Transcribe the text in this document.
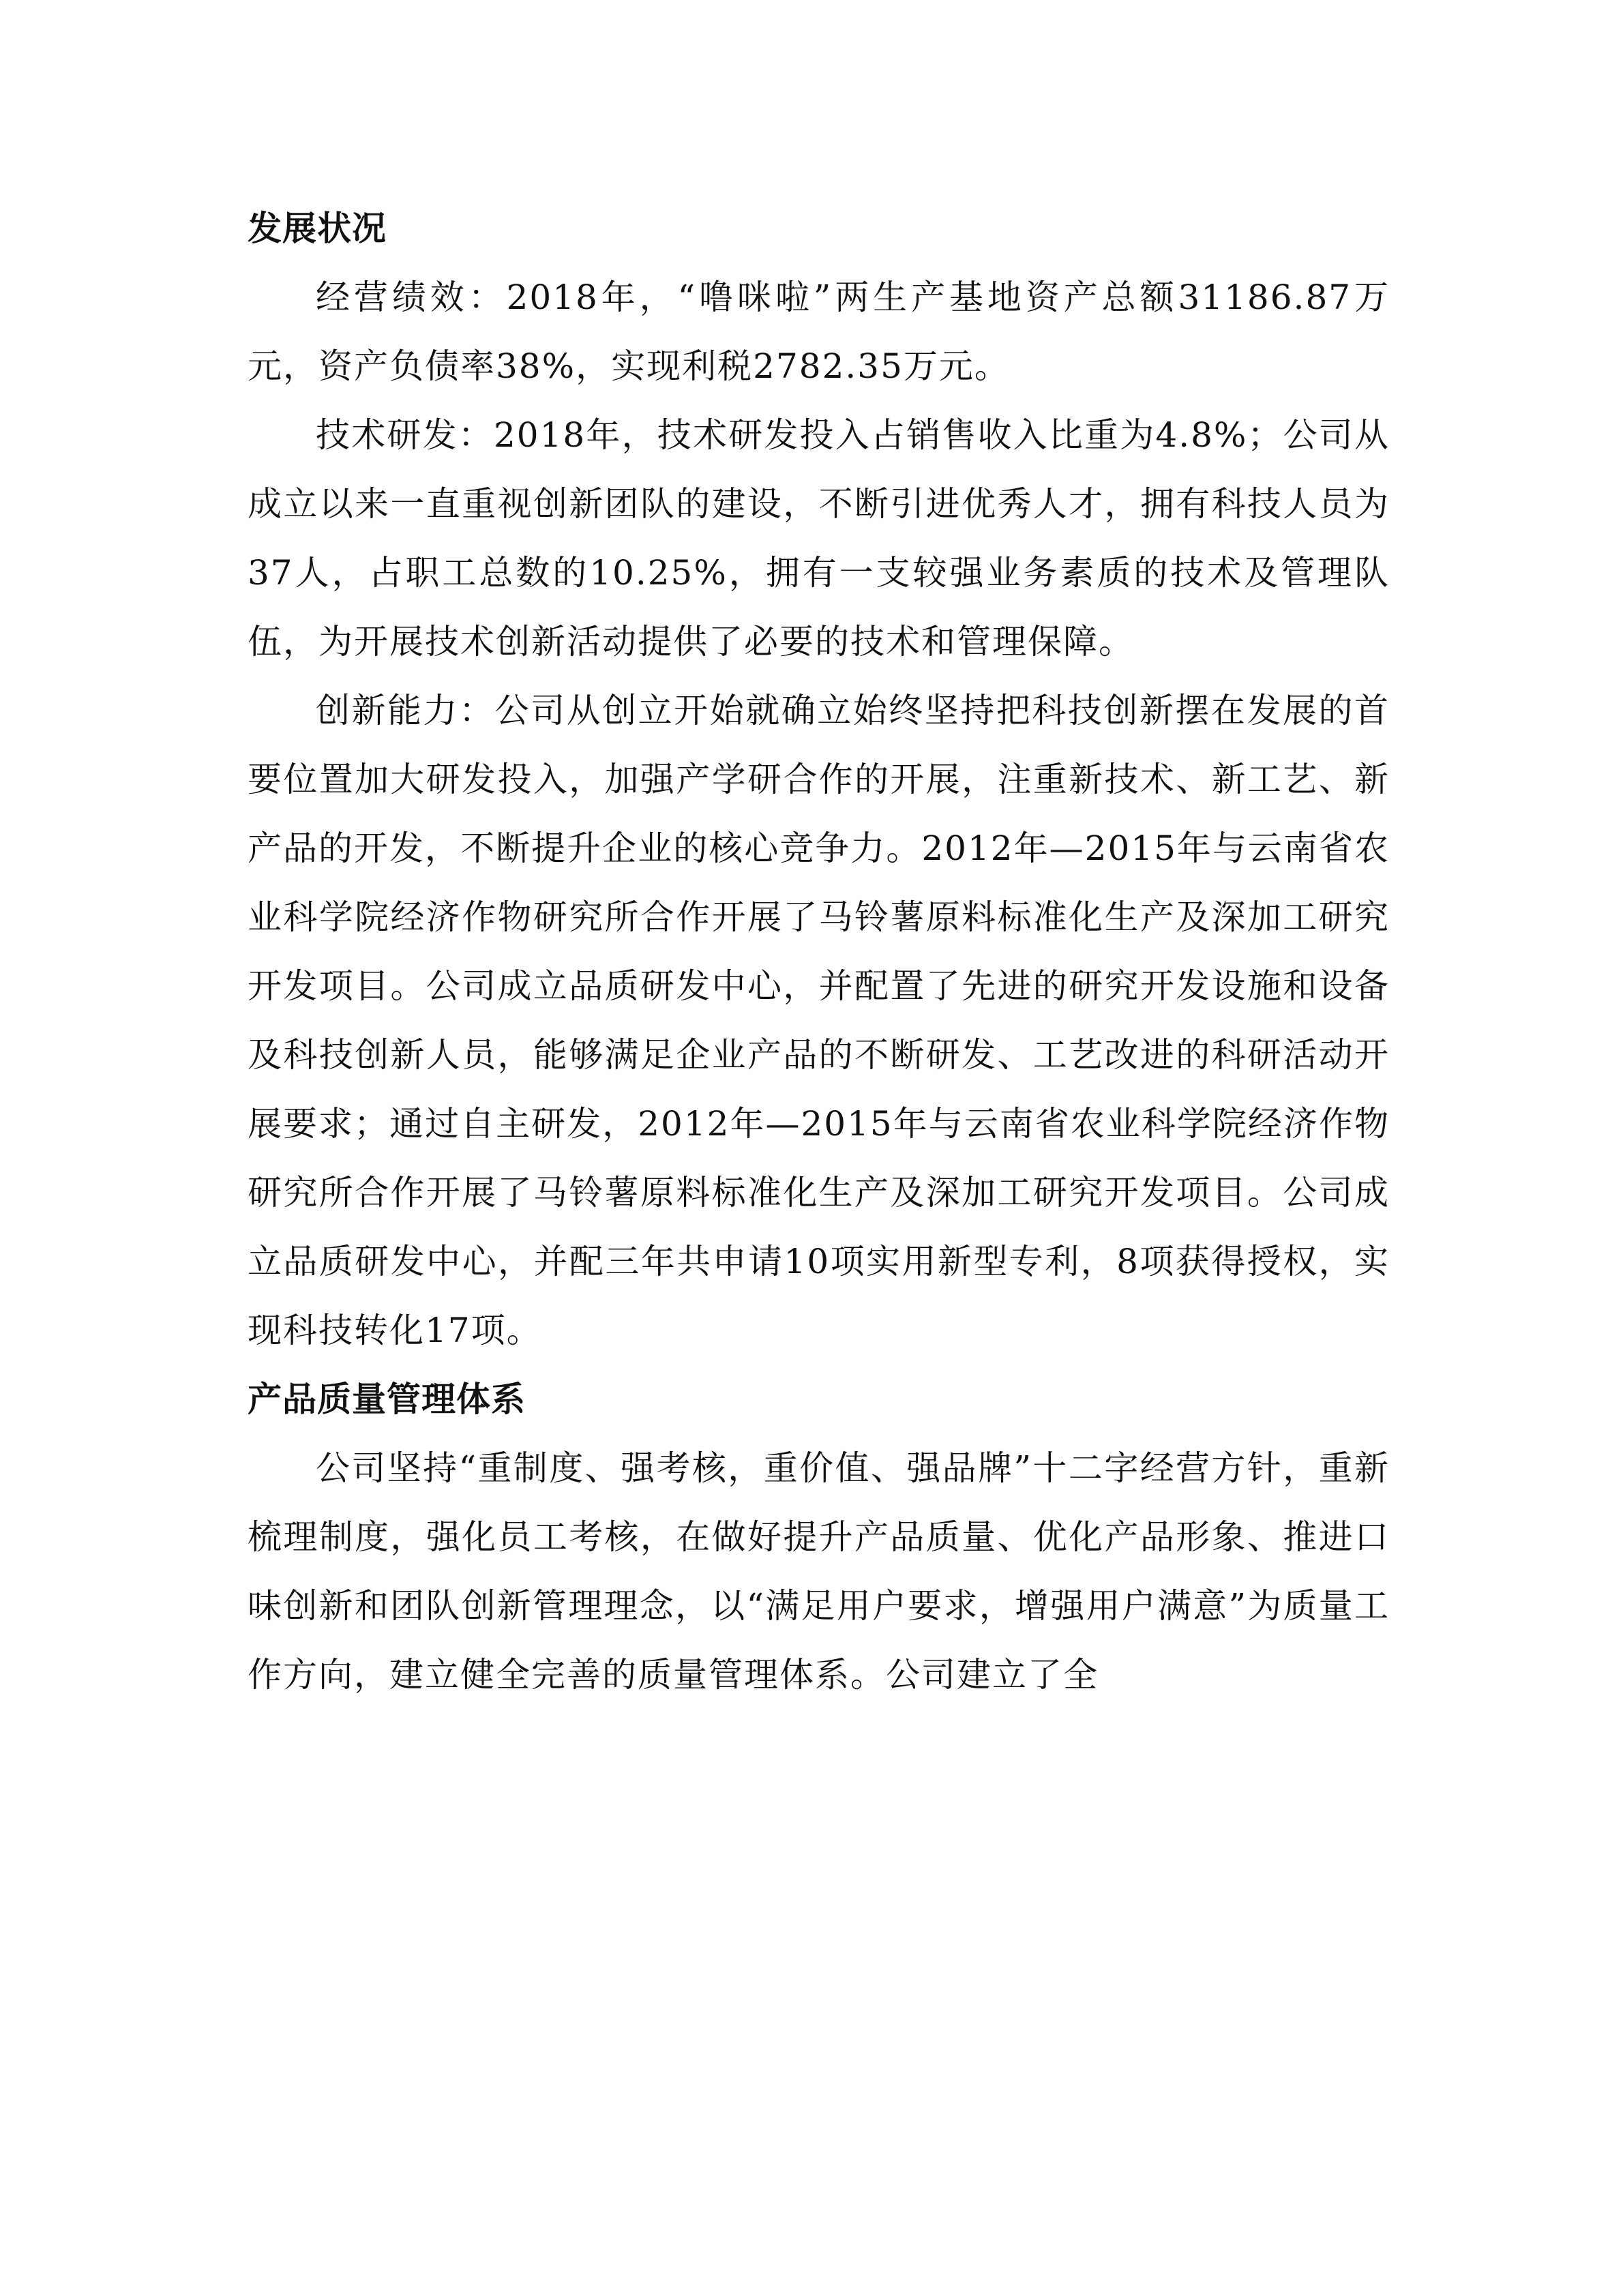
发展状况

经营绩效：2018年，“噜咪啦”两生产基地资产总额31186.87万元，资产负债率38%，实现利税2782.35万元。

技术研发：2018年，技术研发投入占销售收入比重为4.8%；公司从成立以来一直重视创新团队的建设，不断引进优秀人才，拥有科技人员为37人，占职工总数的10.25%，拥有一支较强业务素质的技术及管理队伍，为开展技术创新活动提供了必要的技术和管理保障。

创新能力：公司从创立开始就确立始终坚持把科技创新摆在发展的首要位置加大研发投入，加强产学研合作的开展，注重新技术、新工艺、新产品的开发，不断提升企业的核心竞争力。2012年—2015年与云南省农业科学院经济作物研究所合作开展了马铃薯原料标准化生产及深加工研究开发项目。公司成立品质研发中心，并配置了先进的研究开发设施和设备及科技创新人员，能够满足企业产品的不断研发、工艺改进的科研活动开展要求；通过自主研发，2012年—2015年与云南省农业科学院经济作物研究所合作开展了马铃薯原料标准化生产及深加工研究开发项目。公司成立品质研发中心，并配三年共申请10项实用新型专利，8项获得授权，实现科技转化17项。

产品质量管理体系

公司坚持“重制度、强考核，重价值、强品牌”十二字经营方针，重新梳理制度，强化员工考核，在做好提升产品质量、优化产品形象、推进口味创新和团队创新管理理念，以“满足用户要求，增强用户满意”为质量工作方向，建立健全完善的质量管理体系。公司建立了全
